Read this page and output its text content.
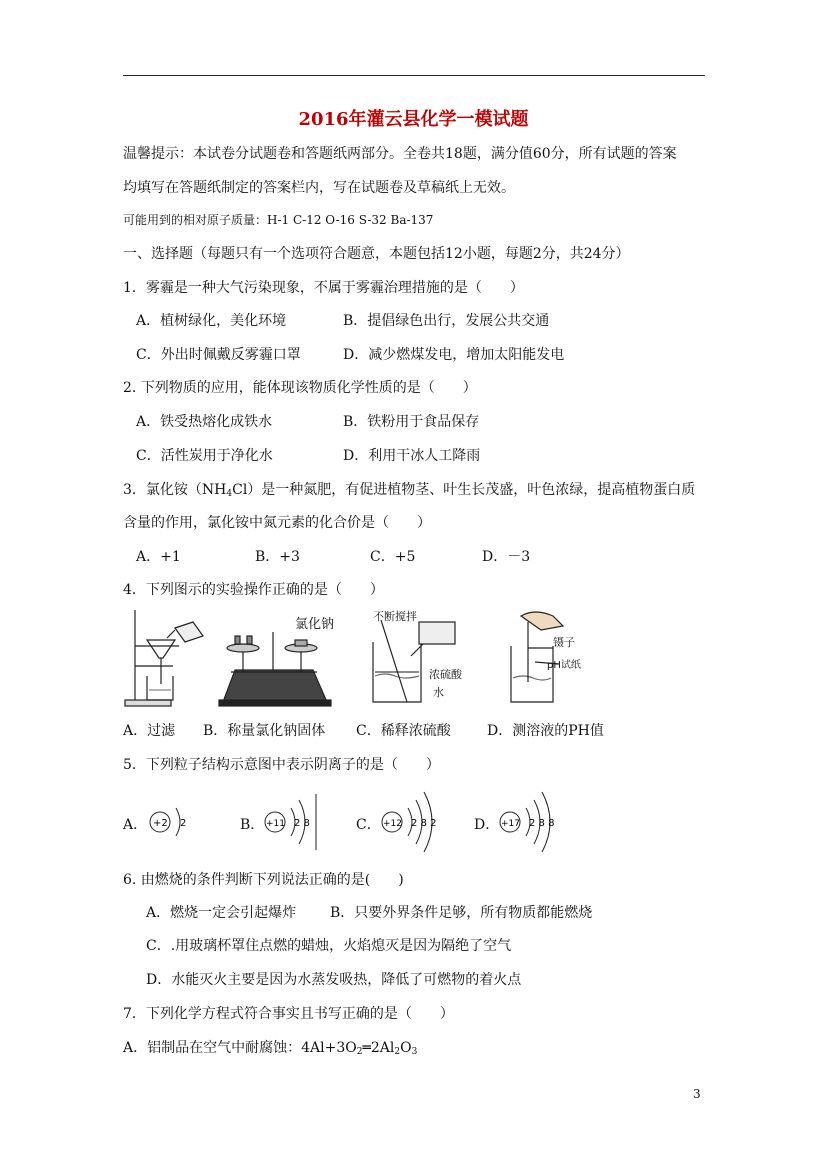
2016年灌云县化学一模试题
温馨提示：本试卷分试题卷和答题纸两部分。全卷共18题，满分值60分，所有试题的答案
均填写在答题纸制定的答案栏内，写在试题卷及草稿纸上无效。
可能用到的相对原子质量：H-1 C-12 O-16 S-32 Ba-137
一、选择题（每题只有一个选项符合题意，本题包括12小题，每题2分，共24分）
1．雾霾是一种大气污染现象，不属于雾霾治理措施的是（　　）
A．植树绿化，美化环境	B．提倡绿色出行，发展公共交通
C．外出时佩戴反雾霾口罩	D．减少燃煤发电，增加太阳能发电
2. 下列物质的应用，能体现该物质化学性质的是（　　）
A．铁受热熔化成铁水	B．铁粉用于食品保存
C．活性炭用于净化水	D．利用干冰人工降雨
3．氯化铵$(NH_4Cl)$是一种氮肥，有促进植物茎、叶生长茂盛，叶色浓绿，提高植物蛋白质
含量的作用，氯化铵中氮元素的化合价是（　　）
A．+1	B．+3	C．+5	D．－3
4．下列图示的实验操作正确的是（　　）
氯化钠
不断搅拌
浓硫酸
水
镊子
pH试纸
A．过滤 B．称量氯化钠固体 C．稀释浓硫酸	D．测溶液的PH值
5．下列粒子结构示意图中表示阴离子的是（　　）
A．	B．	C．	D．
+2 2	+11 2 8	+12 2 8 2	+17 2 8 8
6. 由燃烧的条件判断下列说法正确的是(　　)
A．燃烧一定会引起爆炸 B．只要外界条件足够，所有物质都能燃烧
C．.用玻璃杯罩住点燃的蜡烛，火焰熄灭是因为隔绝了空气
D．水能灭火主要是因为水蒸发吸热，降低了可燃物的着火点
7．下列化学方程式符合事实且书写正确的是（　　）
A．铝制品在空气中耐腐蚀：$4Al+3O_2═2Al_2O_3$
3
